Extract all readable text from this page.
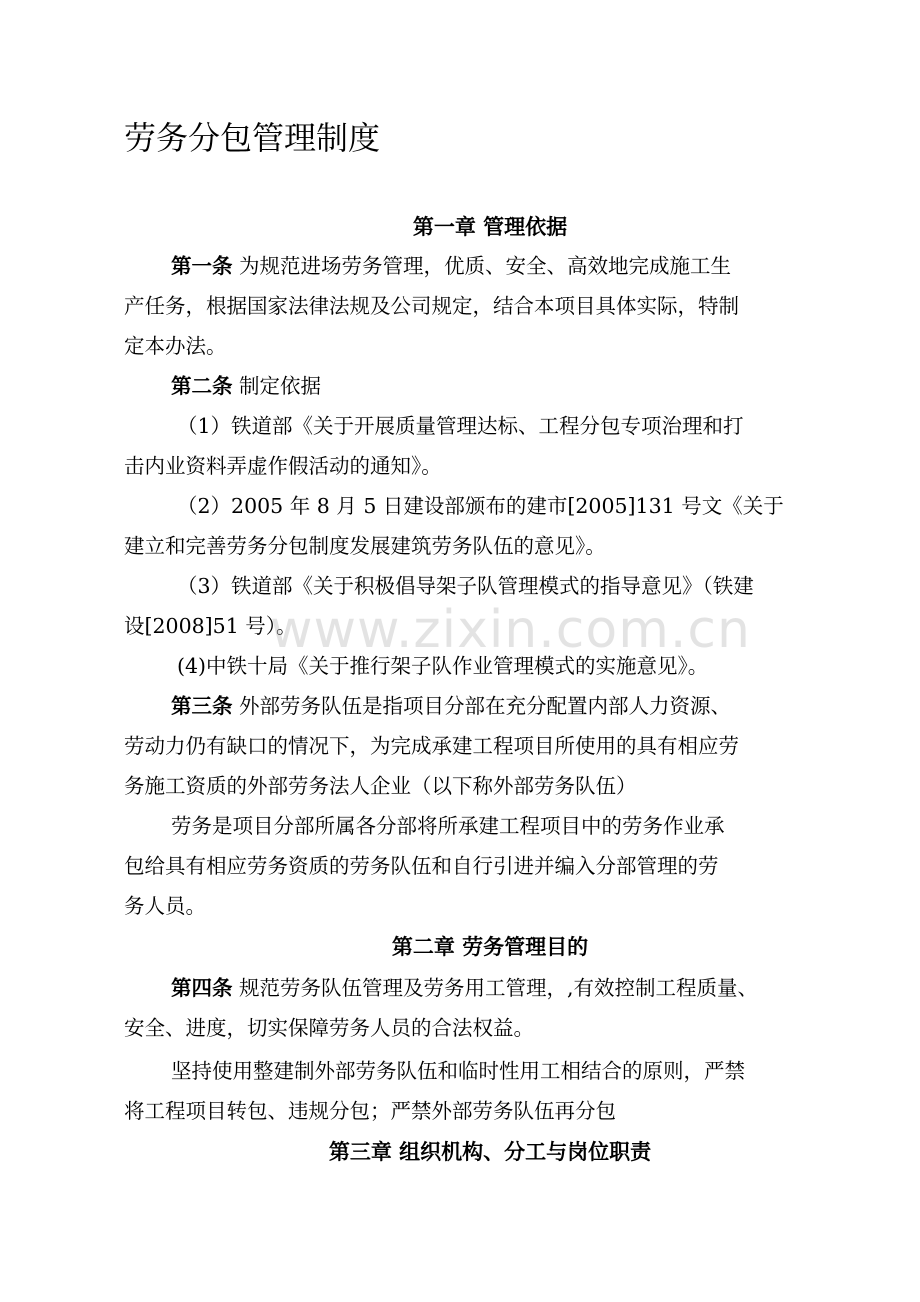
劳务分包管理制度
第一章 管理依据
第一条 为规范进场劳务管理，优质、安全、高效地完成施工生
产任务，根据国家法律法规及公司规定，结合本项目具体实际，特制
定本办法。
第二条 制定依据
（1）铁道部《关于开展质量管理达标、工程分包专项治理和打
击内业资料弄虚作假活动的通知》。
（2）2005 年 8 月 5 日建设部颁布的建市[2005]131 号文《关于
建立和完善劳务分包制度发展建筑劳务队伍的意见》。
（3）铁道部《关于积极倡导架子队管理模式的指导意见》（铁建
设[2008]51 号）。
(4)中铁十局《关于推行架子队作业管理模式的实施意见》。
第三条 外部劳务队伍是指项目分部在充分配置内部人力资源、
劳动力仍有缺口的情况下，为完成承建工程项目所使用的具有相应劳
务施工资质的外部劳务法人企业（以下称外部劳务队伍）
劳务是项目分部所属各分部将所承建工程项目中的劳务作业承
包给具有相应劳务资质的劳务队伍和自行引进并编入分部管理的劳
务人员。
第二章 劳务管理目的
第四条 规范劳务队伍管理及劳务用工管理，,有效控制工程质量、
安全、进度，切实保障劳务人员的合法权益。
坚持使用整建制外部劳务队伍和临时性用工相结合的原则，严禁
将工程项目转包、违规分包；严禁外部劳务队伍再分包
第三章 组织机构、分工与岗位职责
www.zixin.com.cn
